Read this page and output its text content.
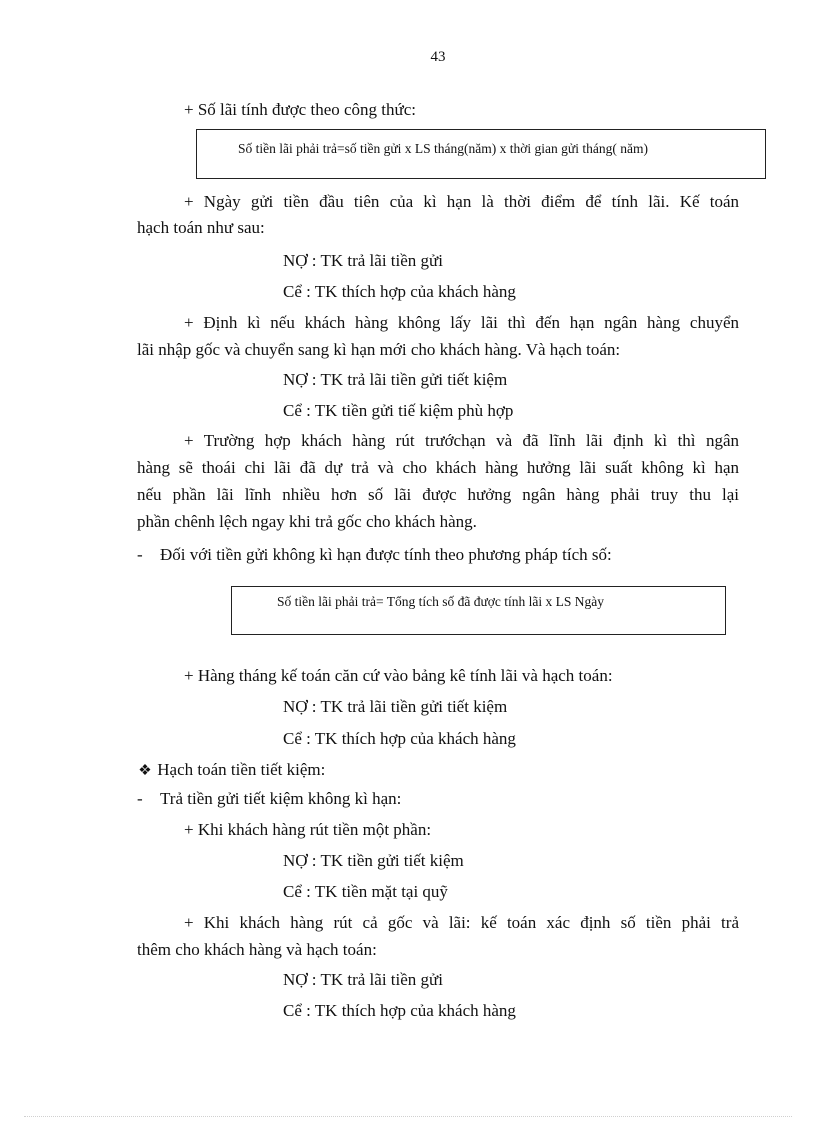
43
+ Số lãi tính được theo công thức:
Số tiền lãi phải trả=số tiền gửi x LS tháng(năm) x thời gian gửi tháng( năm)
+ Ngày gửi tiền đầu tiên của kì hạn là thời điểm để tính lãi. Kế toán
hạch toán như sau:
NỢ : TK trả lãi tiền gửi
Cể : TK thích hợp của khách hàng
+ Định kì nếu khách hàng không lấy lãi thì đến hạn ngân hàng chuyển
lãi nhập gốc và chuyển sang kì hạn mới cho khách hàng. Và hạch toán:
NỢ : TK trả lãi tiền gửi tiết kiệm
Cể : TK tiền gửi tiế kiệm phù hợp
+ Trường hợp khách hàng rút trướchạn và đã lĩnh lãi định kì thì ngân
hàng sẽ thoái chi lãi đã dự trả và cho khách hàng hưởng lãi suất không kì hạn
nếu phần lãi lĩnh nhiều hơn số lãi được hưởng ngân hàng phải truy thu lại
phần chênh lệch ngay khi trả gốc cho khách hàng.
- Đối với tiền gửi không kì hạn được tính theo phương pháp tích số:
Số tiền lãi phải trả= Tổng tích số đã được tính lãi x LS Ngày
+ Hàng tháng kế toán căn cứ vào bảng kê tính lãi và hạch toán:
NỢ : TK trả lãi tiền gửi tiết kiệm
Cể : TK thích hợp của khách hàng
❖ Hạch toán tiền tiết kiệm:
- Trả tiền gửi tiết kiệm không kì hạn:
+ Khi khách hàng rút tiền một phần:
NỢ : TK tiền gửi tiết kiệm
Cể : TK tiền mặt tại quỹ
+ Khi khách hàng rút cả gốc và lãi: kế toán xác định số tiền phải trả
thêm cho khách hàng và hạch toán:
NỢ : TK trả lãi tiền gửi
Cể : TK thích hợp của khách hàng
